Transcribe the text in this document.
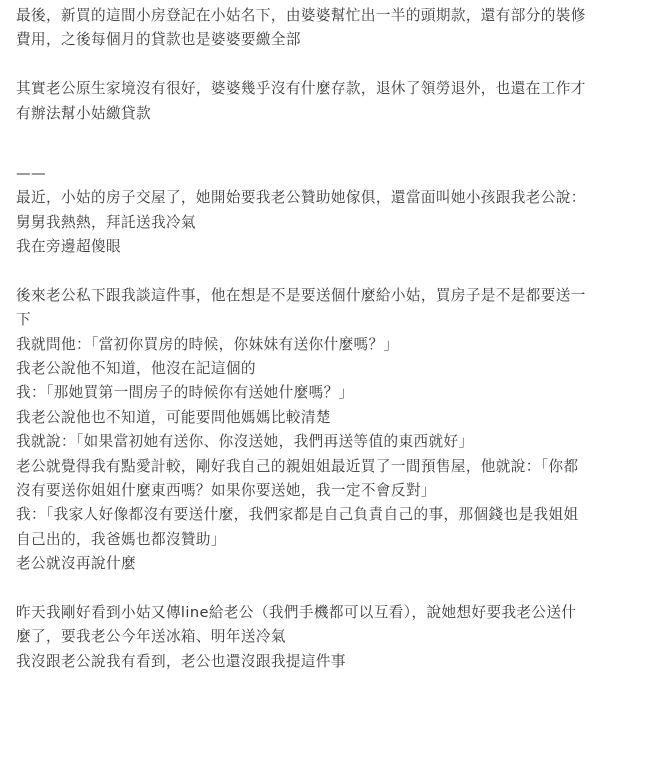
最後，新買的這間小房登記在小姑名下，由婆婆幫忙出一半的頭期款，還有部分的裝修
費用，之後每個月的貸款也是婆婆要繳全部
其實老公原生家境沒有很好，婆婆幾乎沒有什麼存款，退休了領勞退外，也還在工作才
有辦法幫小姑繳貸款
——
最近，小姑的房子交屋了，她開始要我老公贊助她傢俱，還當面叫她小孩跟我老公說：
舅舅我熱熱，拜託送我冷氣
我在旁邊超傻眼
後來老公私下跟我談這件事，他在想是不是要送個什麼給小姑，買房子是不是都要送一
下
我就問他：「當初你買房的時候，你妹妹有送你什麼嗎？」
我老公說他不知道，他沒在記這個的
我：「那她買第一間房子的時候你有送她什麼嗎？」
我老公說他也不知道，可能要問他媽媽比較清楚
我就說：「如果當初她有送你、你沒送她，我們再送等值的東西就好」
老公就覺得我有點愛計較，剛好我自己的親姐姐最近買了一間預售屋，他就說：「你都
沒有要送你姐姐什麼東西嗎？如果你要送她，我一定不會反對」
我：「我家人好像都沒有要送什麼，我們家都是自己負責自己的事，那個錢也是我姐姐
自己出的，我爸媽也都沒贊助」
老公就沒再說什麼
昨天我剛好看到小姑又傳line給老公（我們手機都可以互看），說她想好要我老公送什
麼了，要我老公今年送冰箱、明年送冷氣
我沒跟老公說我有看到，老公也還沒跟我提這件事
